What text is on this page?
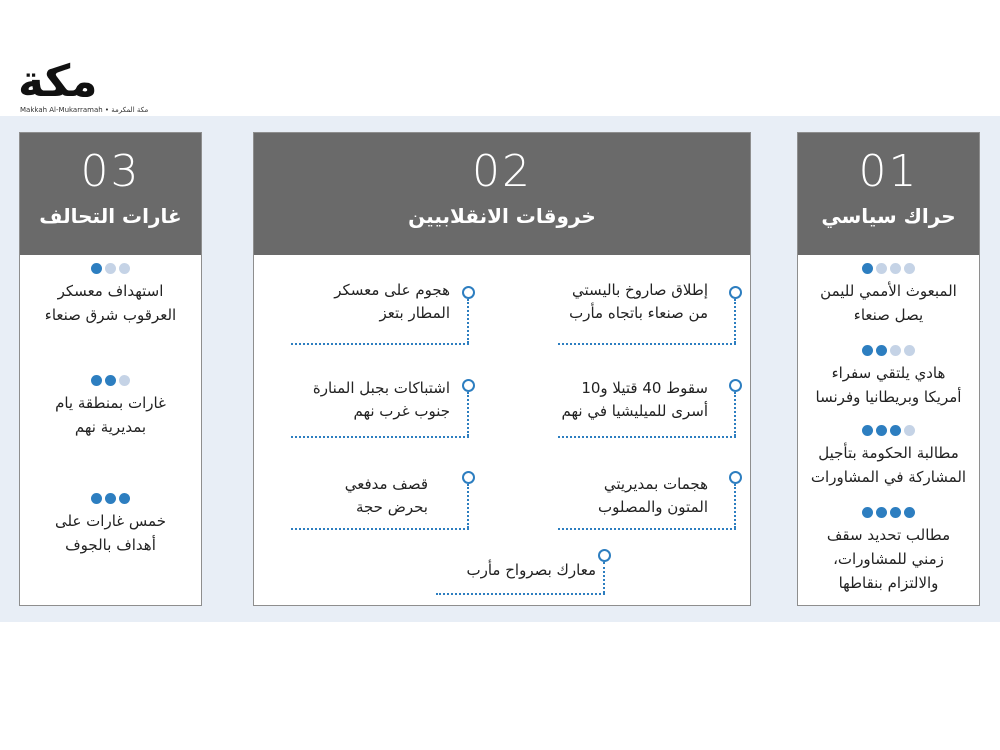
مكة
Makkah Al-Mukarramah • مكة المكرمة
03
غارات التحالف
استهداف معسكر
العرقوب شرق صنعاء
غارات بمنطقة يام
بمديرية نهم
خمس غارات على
أهداف بالجوف
02
خروقات الانقلابيين
إطلاق صاروخ باليستي
من صنعاء باتجاه مأرب
هجوم على معسكر
المطار بتعز
سقوط 40 قتيلا و10
أسرى للميليشيا في نهم
اشتباكات بجبل المنارة
جنوب غرب نهم
هجمات بمديريتي
المتون والمصلوب
قصف مدفعي
بحرض حجة
معارك بصرواح مأرب
01
حراك سياسي
المبعوث الأممي لليمن
يصل صنعاء
هادي يلتقي سفراء
أمريكا وبريطانيا وفرنسا
مطالبة الحكومة بتأجيل
المشاركة في المشاورات
مطالب تحديد سقف
زمني للمشاورات،
والالتزام بنقاطها
